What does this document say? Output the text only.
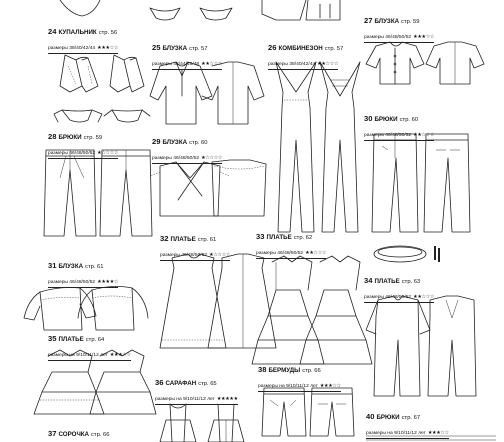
24 КУПАЛЬНИК стр. 56
размеры 38/40/42/44 ★★★☆☆	25 БЛУЗКА стр. 57
размеры 42/44/46/48 ★★☆☆☆
26 КОМБИНЕЗОН стр. 57
размеры 38/40/42/44 ★★☆☆☆
27 БЛУЗКА стр. 59
размеры 46/48/50/52 ★★★☆☆
28 БРЮКИ стр. 59
размеры 46/48/50/52 ★☆☆☆☆
29 БЛУЗКА стр. 60
размеры 46/48/50/52 ★☆☆☆☆
30 БРЮКИ стр. 60
размеры 46/48/50/52 ★★☆☆☆
31 БЛУЗКА стр. 61
размеры 46/48/50/52 ★★★★☆
32 ПЛАТЬЕ стр. 61
размеры 46/48/50/52 ★☆☆☆☆
33 ПЛАТЬЕ стр. 62
размеры 46/48/50/52 ★★☆☆☆
34 ПЛАТЬЕ стр. 63
размеры 46/48/50/52 ★★☆☆☆
35 ПЛАТЬЕ стр. 64
размеры на 9/10/11/12 лет ★★★☆☆
36 САРАФАН стр. 65
размеры на 9/10/11/12 лет ★★★★★
37 СОРОЧКА стр. 66
38 БЕРМУДЫ стр. 66
размеры на 9/10/11/12 лет ★★★☆☆
40 БРЮКИ стр. 67
размеры на 9/10/11/12 лет ★★★☆☆
